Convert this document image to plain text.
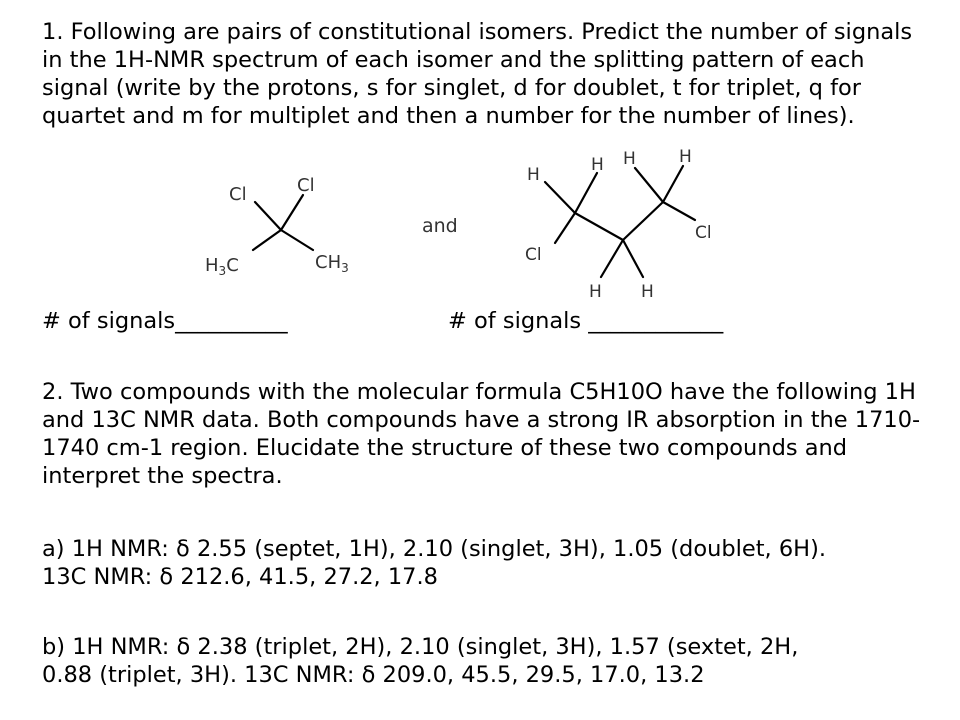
1. Following are pairs of constitutional isomers. Predict the number of signals in the 1H-NMR spectrum of each isomer and the splitting pattern of each signal (write by the protons, s for singlet, d for doublet, t for triplet, q for quartet and m for multiplet and then a number for the number of lines).

Cl	Cl
$H_3C$	$CH_3$
and
H	H H	H
Cl
Cl
H H
# of signals__________	# of signals ____________

2. Two compounds with the molecular formula C5H10O have the following 1H and 13C NMR data. Both compounds have a strong IR absorption in the 1710-1740 cm-1 region. Elucidate the structure of these two compounds and interpret the spectra.

a) 1H NMR: δ 2.55 (septet, 1H), 2.10 (singlet, 3H), 1.05 (doublet, 6H).
13C NMR: δ 212.6, 41.5, 27.2, 17.8

b) 1H NMR: δ 2.38 (triplet, 2H), 2.10 (singlet, 3H), 1.57 (sextet, 2H,
0.88 (triplet, 3H). 13C NMR: δ 209.0, 45.5, 29.5, 17.0, 13.2
